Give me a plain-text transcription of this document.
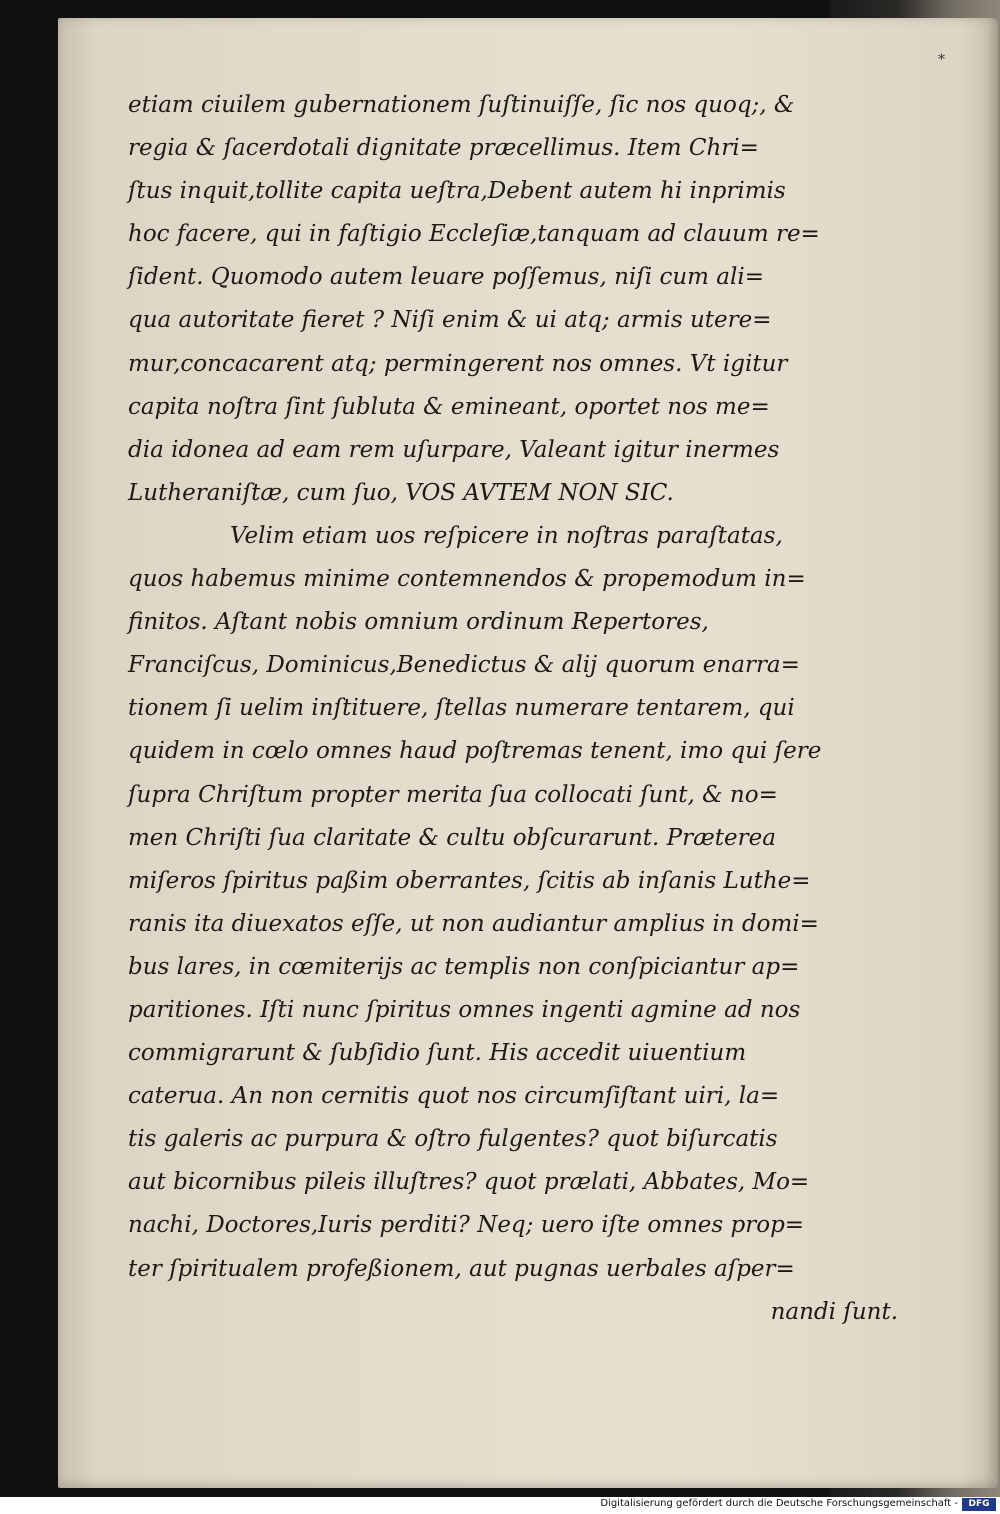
*
etiam ciuilem gubernationem ſuſtinuiſſe, ſic nos quoq;, &
regia & ſacerdotali dignitate præcellimus. Item Chri=
ſtus inquit,tollite capita ueſtra,Debent autem hi inprimis
hoc facere, qui in faſtigio Eccleſiæ,tanquam ad clauum re=
ſident. Quomodo autem leuare poſſemus, niſi cum ali=
qua autoritate fieret ? Niſi enim & ui atq; armis utere=
mur,concacarent atq; permingerent nos omnes. Vt igitur
capita noſtra ſint ſubluta & emineant, oportet nos me=
dia idonea ad eam rem uſurpare, Valeant igitur inermes
Lutheraniſtæ, cum ſuo, VOS AVTEM NON SIC.
Velim etiam uos reſpicere in noſtras paraſtatas,
quos habemus minime contemnendos & propemodum in=
finitos. Aſtant nobis omnium ordinum Repertores,
Franciſcus, Dominicus,Benedictus & alij quorum enarra=
tionem ſi uelim inſtituere, ſtellas numerare tentarem, qui
quidem in cœlo omnes haud poſtremas tenent, imo qui ſere
ſupra Chriſtum propter merita ſua collocati ſunt, & no=
men Chriſti ſua claritate & cultu obſcurarunt. Præterea
miſeros ſpiritus paßim oberrantes, ſcitis ab inſanis Luthe=
ranis ita diuexatos eſſe, ut non audiantur amplius in domi=
bus lares, in cœmiterijs ac templis non conſpiciantur ap=
paritiones. Iſti nunc ſpiritus omnes ingenti agmine ad nos
commigrarunt & ſubſidio ſunt. His accedit uiuentium
caterua. An non cernitis quot nos circumſiſtant uiri, la=
tis galeris ac purpura & oſtro fulgentes? quot biſurcatis
aut bicornibus pileis illuſtres? quot prælati, Abbates, Mo=
nachi, Doctores,Iuris perditi? Neq; uero iſte omnes prop=
ter ſpiritualem profeßionem, aut pugnas uerbales aſper=
nandi ſunt.
Digitalisierung gefördert durch die Deutsche Forschungsgemeinschaft -	DFG
